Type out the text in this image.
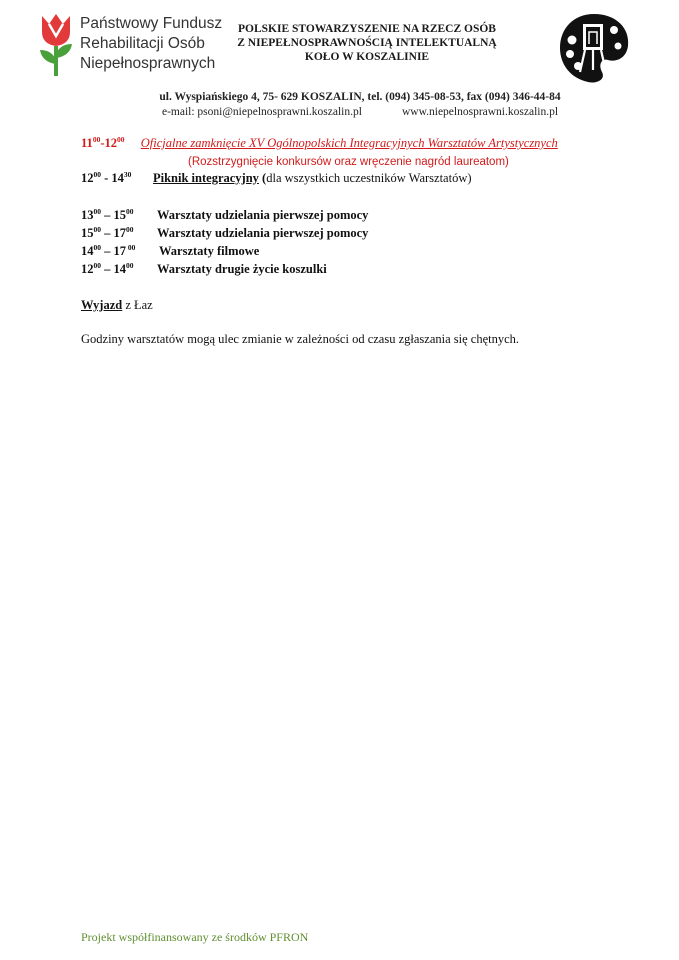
Państwowy Fundusz
Rehabilitacji Osób
Niepełnosprawnych
POLSKIE STOWARZYSZENIE NA RZECZ OSÓB
Z NIEPEŁNOSPRAWNOŚCIĄ INTELEKTUALNĄ
KOŁO W KOSZALINIE
ul. Wyspiańskiego 4, 75- 629 KOSZALIN, tel. (094) 345-08-53, fax (094) 346-44-84
e-mail: psoni@niepelnosprawni.koszalin.pl	www.niepelnosprawni.koszalin.pl
$11^{00}-12^{00}$ Oficjalne zamknięcie XV Ogólnopolskich Integracyjnych Warsztatów Artystycznych
(Rozstrzygnięcie konkursów oraz wręczenie nagród laureatom)
$12^{00} - 14^{30}$ Piknik integracyjny (dla wszystkich uczestników Warsztatów)
$13^{00} - 15^{00}$ Warsztaty udzielania pierwszej pomocy
$15^{00} - 17^{00}$ Warsztaty udzielania pierwszej pomocy
$14^{00} - 17$ $^{00}$ Warsztaty filmowe
$12^{00} - 14^{00}$ Warsztaty drugie życie koszulki
Wyjazd z Łaz
Godziny warsztatów mogą ulec zmianie w zależności od czasu zgłaszania się chętnych.
Projekt współfinansowany ze środków PFRON
